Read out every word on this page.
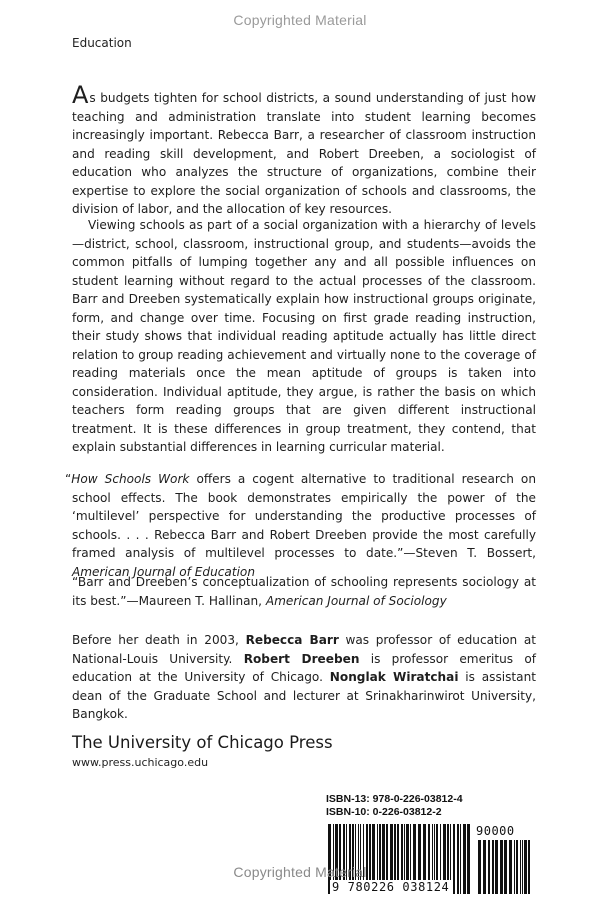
Copyrighted Material
Education

As budgets tighten for school districts, a sound understanding of just how teaching and administration translate into student learning becomes increasingly important. Rebecca Barr, a researcher of classroom instruction and reading skill development, and Robert Dreeben, a sociologist of education who analyzes the structure of organizations, combine their expertise to explore the social organization of schools and classrooms, the division of labor, and the allocation of key resources.

Viewing schools as part of a social organization with a hierarchy of levels—district, school, classroom, instructional group, and students—avoids the common pitfalls of lumping together any and all possible influences on student learning without regard to the actual processes of the classroom. Barr and Dreeben systematically explain how instructional groups originate, form, and change over time. Focusing on first grade reading instruction, their study shows that individual reading aptitude actually has little direct relation to group reading achievement and virtually none to the coverage of reading materials once the mean aptitude of groups is taken into consideration. Individual aptitude, they argue, is rather the basis on which teachers form reading groups that are given different instructional treatment. It is these differences in group treatment, they contend, that explain substantial differences in learning curricular material.

“How Schools Work offers a cogent alternative to traditional research on school effects. The book demonstrates empirically the power of the ‘multilevel’ perspective for understanding the productive processes of schools. . . . Rebecca Barr and Robert Dreeben provide the most carefully framed analysis of multilevel processes to date.”—Steven T. Bossert, American Journal of Education

“Barr and Dreeben’s conceptualization of schooling represents sociology at its best.”—Maureen T. Hallinan, American Journal of Sociology

Before her death in 2003, Rebecca Barr was professor of education at National-Louis University. Robert Dreeben is professor emeritus of education at the University of Chicago. Nonglak Wiratchai is assistant dean of the Graduate School and lecturer at Srinakharinwirot University, Bangkok.

The University of Chicago Press
www.press.uchicago.edu
ISBN-13: 978-0-226-03812-4
ISBN-10: 0-226-03812-2
9 780226 038124
90000
Copyrighted Material
